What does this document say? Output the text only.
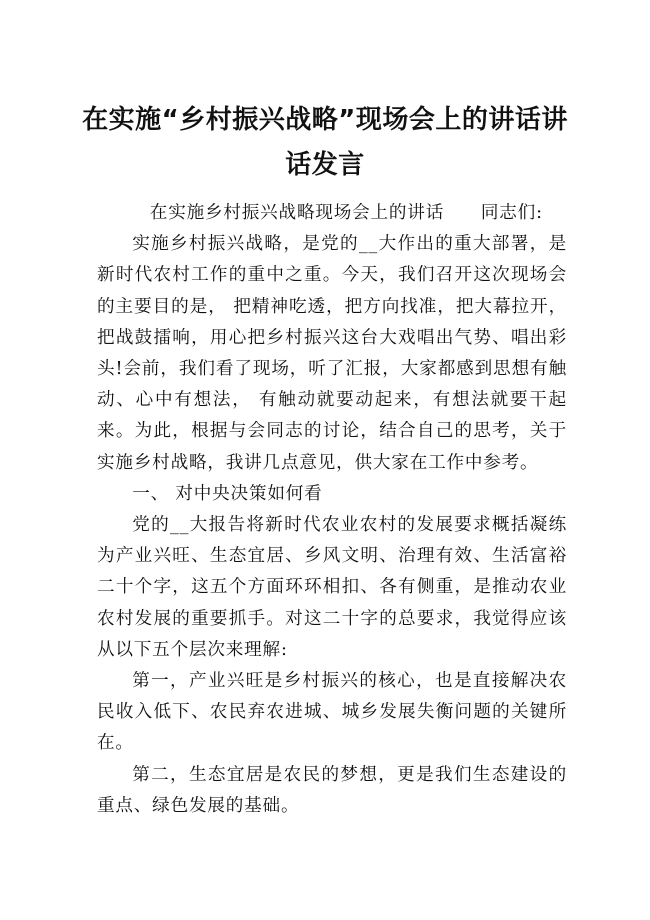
在实施“乡村振兴战略”现场会上的讲话讲
话发言

在实施乡村振兴战略现场会上的讲话　　同志们:

实施乡村振兴战略，是党的__大作出的重大部署，是新时代农村工作的重中之重。今天，我们召开这次现场会的主要目的是， 把精神吃透，把方向找准，把大幕拉开，把战鼓擂响，用心把乡村振兴这台大戏唱出气势、唱出彩头!会前，我们看了现场，听了汇报，大家都感到思想有触动、心中有想法， 有触动就要动起来，有想法就要干起来。为此，根据与会同志的讨论，结合自己的思考，关于实施乡村战略，我讲几点意见，供大家在工作中参考。

一、 对中央决策如何看

党的__大报告将新时代农业农村的发展要求概括凝练为产业兴旺、生态宜居、乡风文明、治理有效、生活富裕二十个字，这五个方面环环相扣、各有侧重，是推动农业农村发展的重要抓手。对这二十字的总要求，我觉得应该从以下五个层次来理解:

第一，产业兴旺是乡村振兴的核心，也是直接解决农民收入低下、农民弃农进城、城乡发展失衡问题的关键所在。

第二，生态宜居是农民的梦想，更是我们生态建设的重点、绿色发展的基础。
